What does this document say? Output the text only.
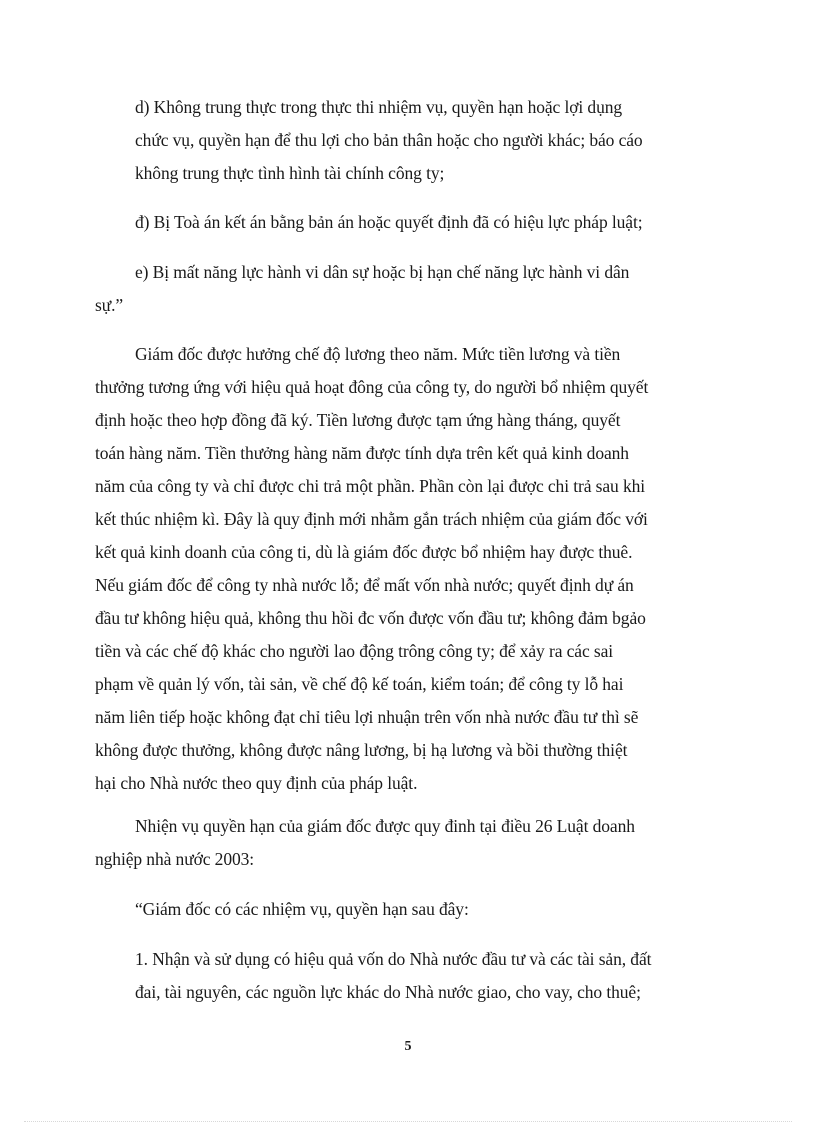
d) Không trung thực trong thực thi nhiệm vụ, quyền hạn hoặc lợi dụng
chức vụ, quyền hạn để thu lợi cho bản thân hoặc cho người khác; báo cáo
không trung thực tình hình tài chính công ty;
đ) Bị Toà án kết án bằng bản án hoặc quyết định đã có hiệu lực pháp luật;
e) Bị mất năng lực hành vi dân sự hoặc bị hạn chế năng lực hành vi dân
sự.”
Giám đốc được hưởng chế độ lương theo năm. Mức tiền lương và tiền
thưởng tương ứng với hiệu quả hoạt đông của công ty, do người bổ nhiệm quyết
định hoặc theo hợp đồng đã ký. Tiền lương được tạm ứng hàng tháng, quyết
toán hàng năm. Tiền thưởng hàng năm được tính dựa trên kết quả kinh doanh
năm của công ty và chỉ được chi trả một phần. Phần còn lại được chi trả sau khi
kết thúc nhiệm kì. Đây là quy định mới nhằm gắn trách nhiệm của giám đốc với
kết quả kinh doanh của công ti, dù là giám đốc được bổ nhiệm hay được thuê.
Nếu giám đốc để công ty nhà nước lỗ; để mất vốn nhà nước; quyết định dự án
đầu tư không hiệu quả, không thu hồi đc vốn được vốn đầu tư; không đảm bgảo
tiền và các chế độ khác cho người lao động trông công ty; để xảy ra các sai
phạm về quản lý vốn, tài sản, về chế độ kế toán, kiểm toán; để công ty lỗ hai
năm liên tiếp hoặc không đạt chỉ tiêu lợi nhuận trên vốn nhà nước đầu tư thì sẽ
không được thưởng, không được nâng lương, bị hạ lương và bồi thường thiệt
hại cho Nhà nước theo quy định của pháp luật.
Nhiện vụ quyền hạn của giám đốc được quy đinh tại điều 26 Luật doanh
nghiệp nhà nước 2003:
“Giám đốc có các nhiệm vụ, quyền hạn sau đây:
1. Nhận và sử dụng có hiệu quả vốn do Nhà nước đầu tư và các tài sản, đất
đai, tài nguyên, các nguồn lực khác do Nhà nước giao, cho vay, cho thuê;
5
